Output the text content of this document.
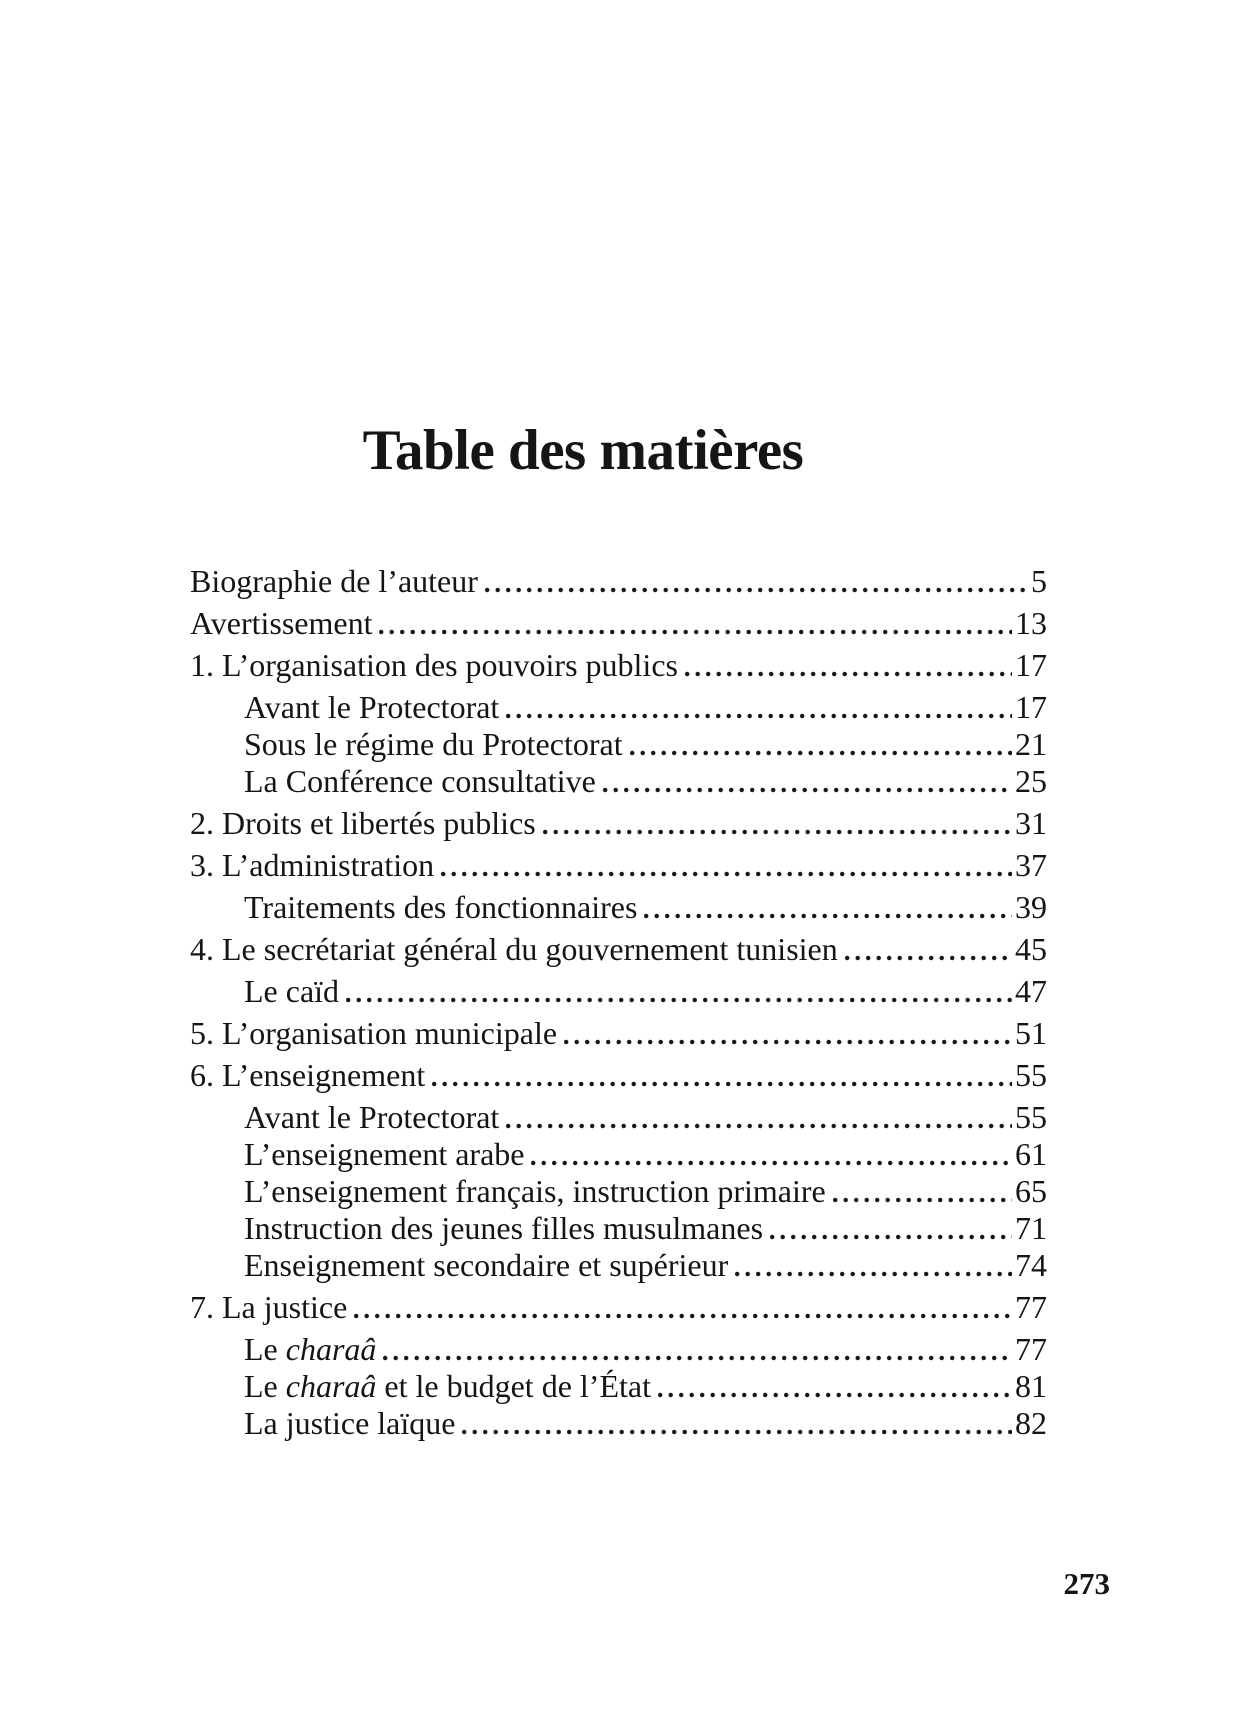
Table des matières
Biographie de l’auteur	5
Avertissement	13
1. L’organisation des pouvoirs publics	17
Avant le Protectorat	17
Sous le régime du Protectorat	21
La Conférence consultative	25
2. Droits et libertés publics	31
3. L’administration	37
Traitements des fonctionnaires	39
4. Le secrétariat général du gouvernement tunisien	45
Le caïd	47
5. L’organisation municipale	51
6. L’enseignement	55
Avant le Protectorat	55
L’enseignement arabe	61
L’enseignement français, instruction primaire	65
Instruction des jeunes filles musulmanes	71
Enseignement secondaire et supérieur	74
7. La justice	77
Le charaâ	77
Le charaâ et le budget de l’État	81
La justice laïque	82
273
